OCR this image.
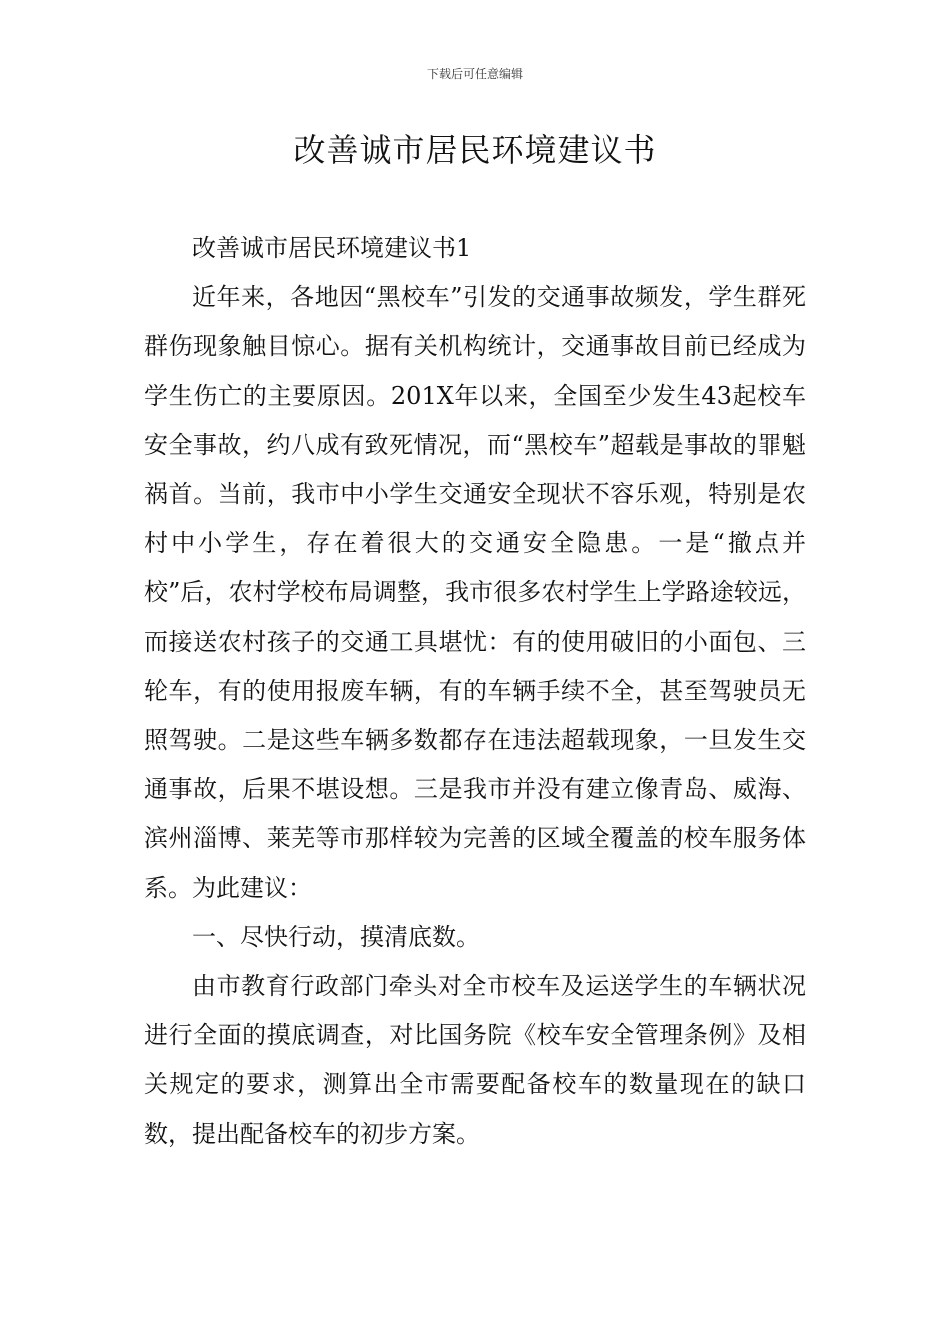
下载后可任意编辑
改善诚市居民环境建议书

改善诚市居民环境建议书1

近年来，各地因“黑校车”引发的交通事故频发，学生群死群伤现象触目惊心。据有关机构统计，交通事故目前已经成为学生伤亡的主要原因。201X年以来，全国至少发生43起校车安全事故，约八成有致死情况，而“黑校车”超载是事故的罪魁祸首。当前，我市中小学生交通安全现状不容乐观，特别是农村中小学生，存在着很大的交通安全隐患。一是“撤点并校”后，农村学校布局调整，我市很多农村学生上学路途较远，而接送农村孩子的交通工具堪忧：有的使用破旧的小面包、三轮车，有的使用报废车辆，有的车辆手续不全，甚至驾驶员无照驾驶。二是这些车辆多数都存在违法超载现象，一旦发生交通事故，后果不堪设想。三是我市并没有建立像青岛、威海、滨州淄博、莱芜等市那样较为完善的区域全覆盖的校车服务体系。为此建议：

一、尽快行动，摸清底数。

由市教育行政部门牵头对全市校车及运送学生的车辆状况进行全面的摸底调查，对比国务院《校车安全管理条例》及相关规定的要求，测算出全市需要配备校车的数量现在的缺口数，提出配备校车的初步方案。
